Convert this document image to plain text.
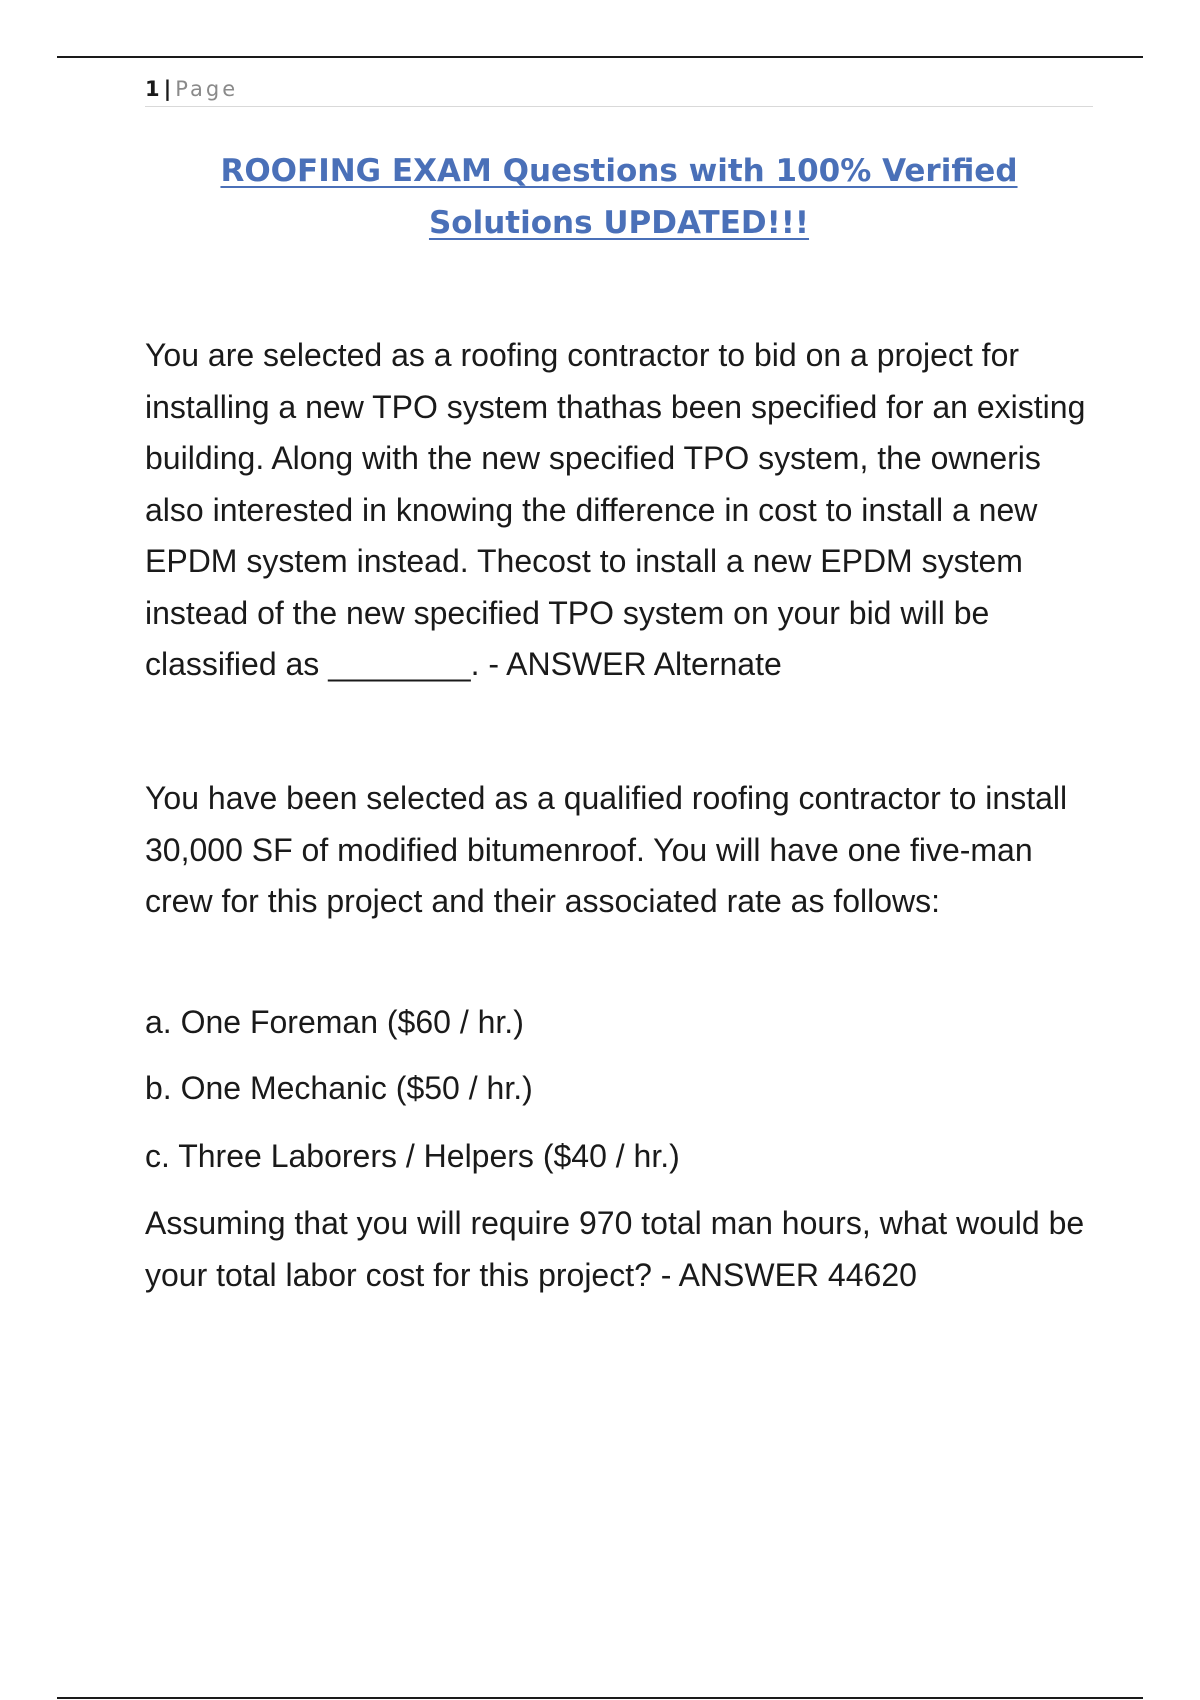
1 | Page
ROOFING EXAM Questions with 100% Verified
Solutions UPDATED!!!

You are selected as a roofing contractor to bid on a project for installing a new TPO system thathas been specified for an existing building. Along with the new specified TPO system, the owneris also interested in knowing the difference in cost to install a new EPDM system instead. Thecost to install a new EPDM system instead of the new specified TPO system on your bid will be classified as ________. - ANSWER Alternate

You have been selected as a qualified roofing contractor to install 30,000 SF of modified bitumenroof. You will have one five-man crew for this project and their associated rate as follows:

a. One Foreman ($60 / hr.)

b. One Mechanic ($50 / hr.)

c. Three Laborers / Helpers ($40 / hr.)

Assuming that you will require 970 total man hours, what would be your total labor cost for this project? - ANSWER 44620
